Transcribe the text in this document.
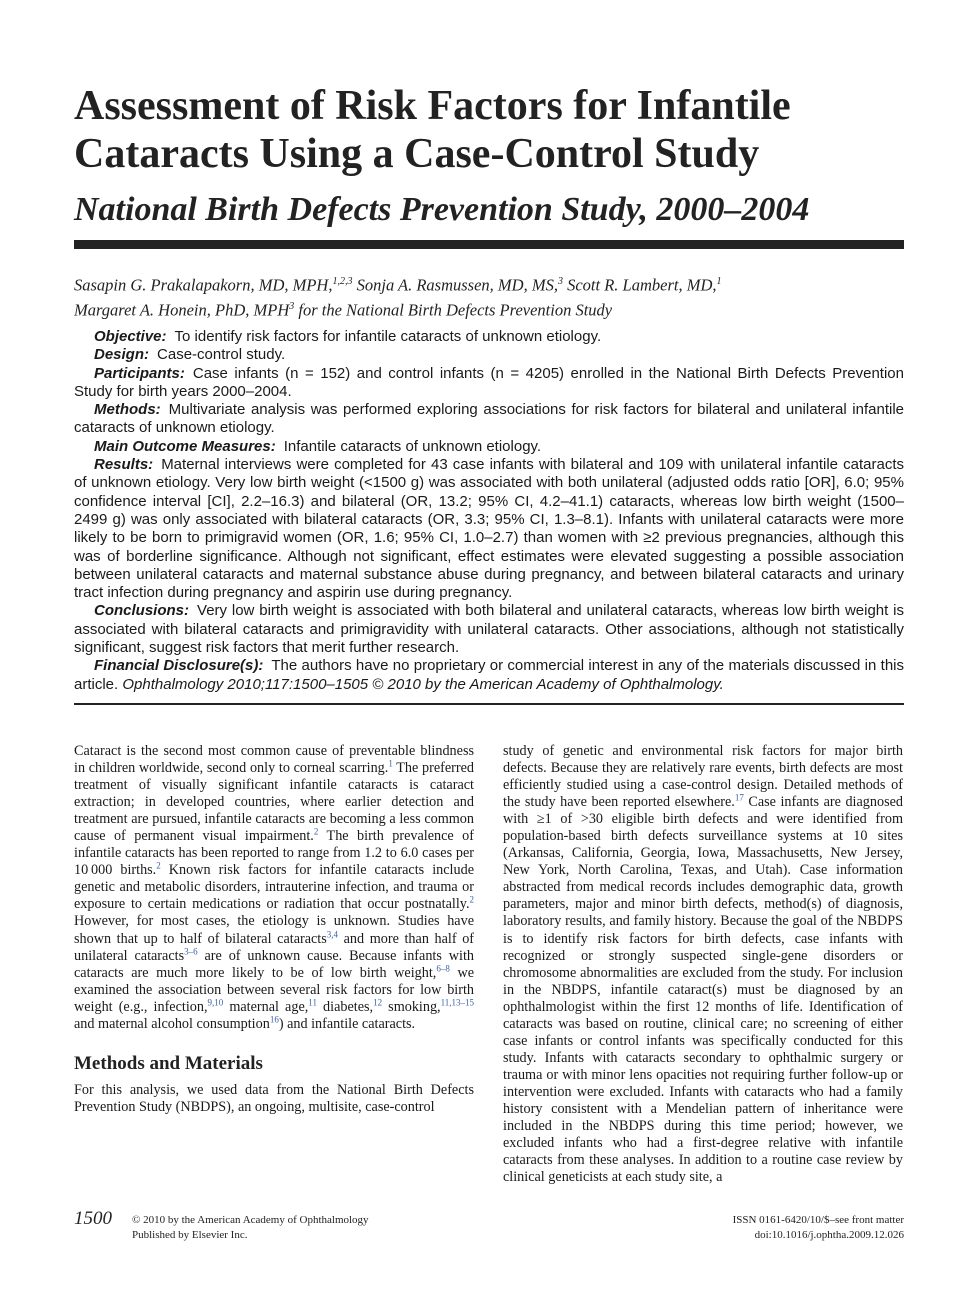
Assessment of Risk Factors for Infantile Cataracts Using a Case-Control Study
National Birth Defects Prevention Study, 2000–2004
Sasapin G. Prakalapakorn, MD, MPH,$^{1,2,3}$ Sonja A. Rasmussen, MD, MS,$^3$ Scott R. Lambert, MD,$^1$
Margaret A. Honein, PhD, MPH$^3$ for the National Birth Defects Prevention Study

Objective: To identify risk factors for infantile cataracts of unknown etiology.

Design: Case-control study.

Participants: Case infants (n = 152) and control infants (n = 4205) enrolled in the National Birth Defects Prevention Study for birth years 2000–2004.

Methods: Multivariate analysis was performed exploring associations for risk factors for bilateral and unilateral infantile cataracts of unknown etiology.

Main Outcome Measures: Infantile cataracts of unknown etiology.

Results: Maternal interviews were completed for 43 case infants with bilateral and 109 with unilateral infantile cataracts of unknown etiology. Very low birth weight (<1500 g) was associated with both unilateral (adjusted odds ratio [OR], 6.0; 95% confidence interval [CI], 2.2–16.3) and bilateral (OR, 13.2; 95% CI, 4.2–41.1) cataracts, whereas low birth weight (1500–2499 g) was only associated with bilateral cataracts (OR, 3.3; 95% CI, 1.3–8.1). Infants with unilateral cataracts were more likely to be born to primigravid women (OR, 1.6; 95% CI, 1.0–2.7) than women with ≥2 previous pregnancies, although this was of borderline significance. Although not significant, effect estimates were elevated suggesting a possible association between unilateral cataracts and maternal substance abuse during pregnancy, and between bilateral cataracts and urinary tract infection during pregnancy and aspirin use during pregnancy.

Conclusions: Very low birth weight is associated with both bilateral and unilateral cataracts, whereas low birth weight is associated with bilateral cataracts and primigravidity with unilateral cataracts. Other associations, although not statistically significant, suggest risk factors that merit further research.

Financial Disclosure(s): The authors have no proprietary or commercial interest in any of the materials discussed in this article. Ophthalmology 2010;117:1500–1505 © 2010 by the American Academy of Ophthalmology.

Cataract is the second most common cause of preventable blindness in children worldwide, second only to corneal scarring.$^1$ The preferred treatment of visually significant infantile cataracts is cataract extraction; in developed countries, where earlier detection and treatment are pursued, infantile cataracts are becoming a less common cause of permanent visual impairment.$^2$ The birth prevalence of infantile cataracts has been reported to range from 1.2 to 6.0 cases per 10 000 births.$^2$ Known risk factors for infantile cataracts include genetic and metabolic disorders, intrauterine infection, and trauma or exposure to certain medications or radiation that occur postnatally.$^2$ However, for most cases, the etiology is unknown. Studies have shown that up to half of bilateral cataracts$^{3,4}$ and more than half of unilateral cataracts$^{3-6}$ are of unknown cause. Because infants with cataracts are much more likely to be of low birth weight,$^{6-8}$ we examined the association between several risk factors for low birth weight (e.g., infection,$^{9,10}$ maternal age,$^{11}$ diabetes,$^{12}$ smoking,$^{11,13-15}$ and maternal alcohol consumption$^{16}$) and infantile cataracts.

Methods and Materials

For this analysis, we used data from the National Birth Defects Prevention Study (NBDPS), an ongoing, multisite, case-control

study of genetic and environmental risk factors for major birth defects. Because they are relatively rare events, birth defects are most efficiently studied using a case-control design. Detailed methods of the study have been reported elsewhere.$^{17}$ Case infants are diagnosed with ≥1 of >30 eligible birth defects and were identified from population-based birth defects surveillance systems at 10 sites (Arkansas, California, Georgia, Iowa, Massachusetts, New Jersey, New York, North Carolina, Texas, and Utah). Case information abstracted from medical records includes demographic data, growth parameters, major and minor birth defects, method(s) of diagnosis, laboratory results, and family history. Because the goal of the NBDPS is to identify risk factors for birth defects, case infants with recognized or strongly suspected single-gene disorders or chromosome abnormalities are excluded from the study. For inclusion in the NBDPS, infantile cataract(s) must be diagnosed by an ophthalmologist within the first 12 months of life. Identification of cataracts was based on routine, clinical care; no screening of either case infants or control infants was specifically conducted for this study. Infants with cataracts secondary to ophthalmic surgery or trauma or with minor lens opacities not requiring further follow-up or intervention were excluded. Infants with cataracts who had a family history consistent with a Mendelian pattern of inheritance were included in the NBDPS during this time period; however, we excluded infants who had a first-degree relative with infantile cataracts from these analyses. In addition to a routine case review by clinical geneticists at each study site, a

1500 © 2010 by the American Academy of Ophthalmology
Published by Elsevier Inc.
ISSN 0161-6420/10/$–see front matter
doi:10.1016/j.ophtha.2009.12.026
